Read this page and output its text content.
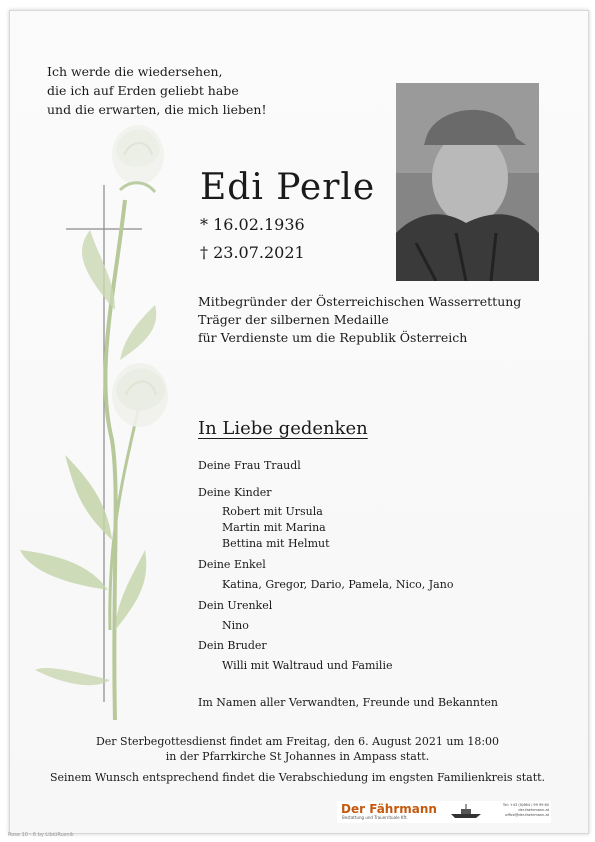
Ich werde die wiedersehen,
die ich auf Erden geliebt habe
und die erwarten, die mich lieben!
Edi Perle
* 16.02.1936
† 23.07.2021
Mitbegründer der Österreichischen Wasserrettung
Träger der silbernen Medaille
für Verdienste um die Republik Österreich
In Liebe gedenken
Deine Frau Traudl
Deine Kinder
Robert mit Ursula
Martin mit Marina
Bettina mit Helmut
Deine Enkel
Katina, Gregor, Dario, Pamela, Nico, Jano
Dein Urenkel
Nino
Dein Bruder
Willi mit Waltraud und Familie
Im Namen aller Verwandten, Freunde und Bekannten
Der Sterbegottesdienst findet am Freitag, den 6. August 2021 um 18:00
in der Pfarrkirche St Johannes in Ampass statt.
Seinem Wunsch entsprechend findet die Verabschiedung im engsten Familienkreis statt.
Der Fährmann
Bestattung und Trauerrituale Kft.
Tel: +43 (0)664 / 99 99 60
der-faehrmann.at
office@der-faehrmann.at
Rose 10 - 6 by LibiüRusnik
